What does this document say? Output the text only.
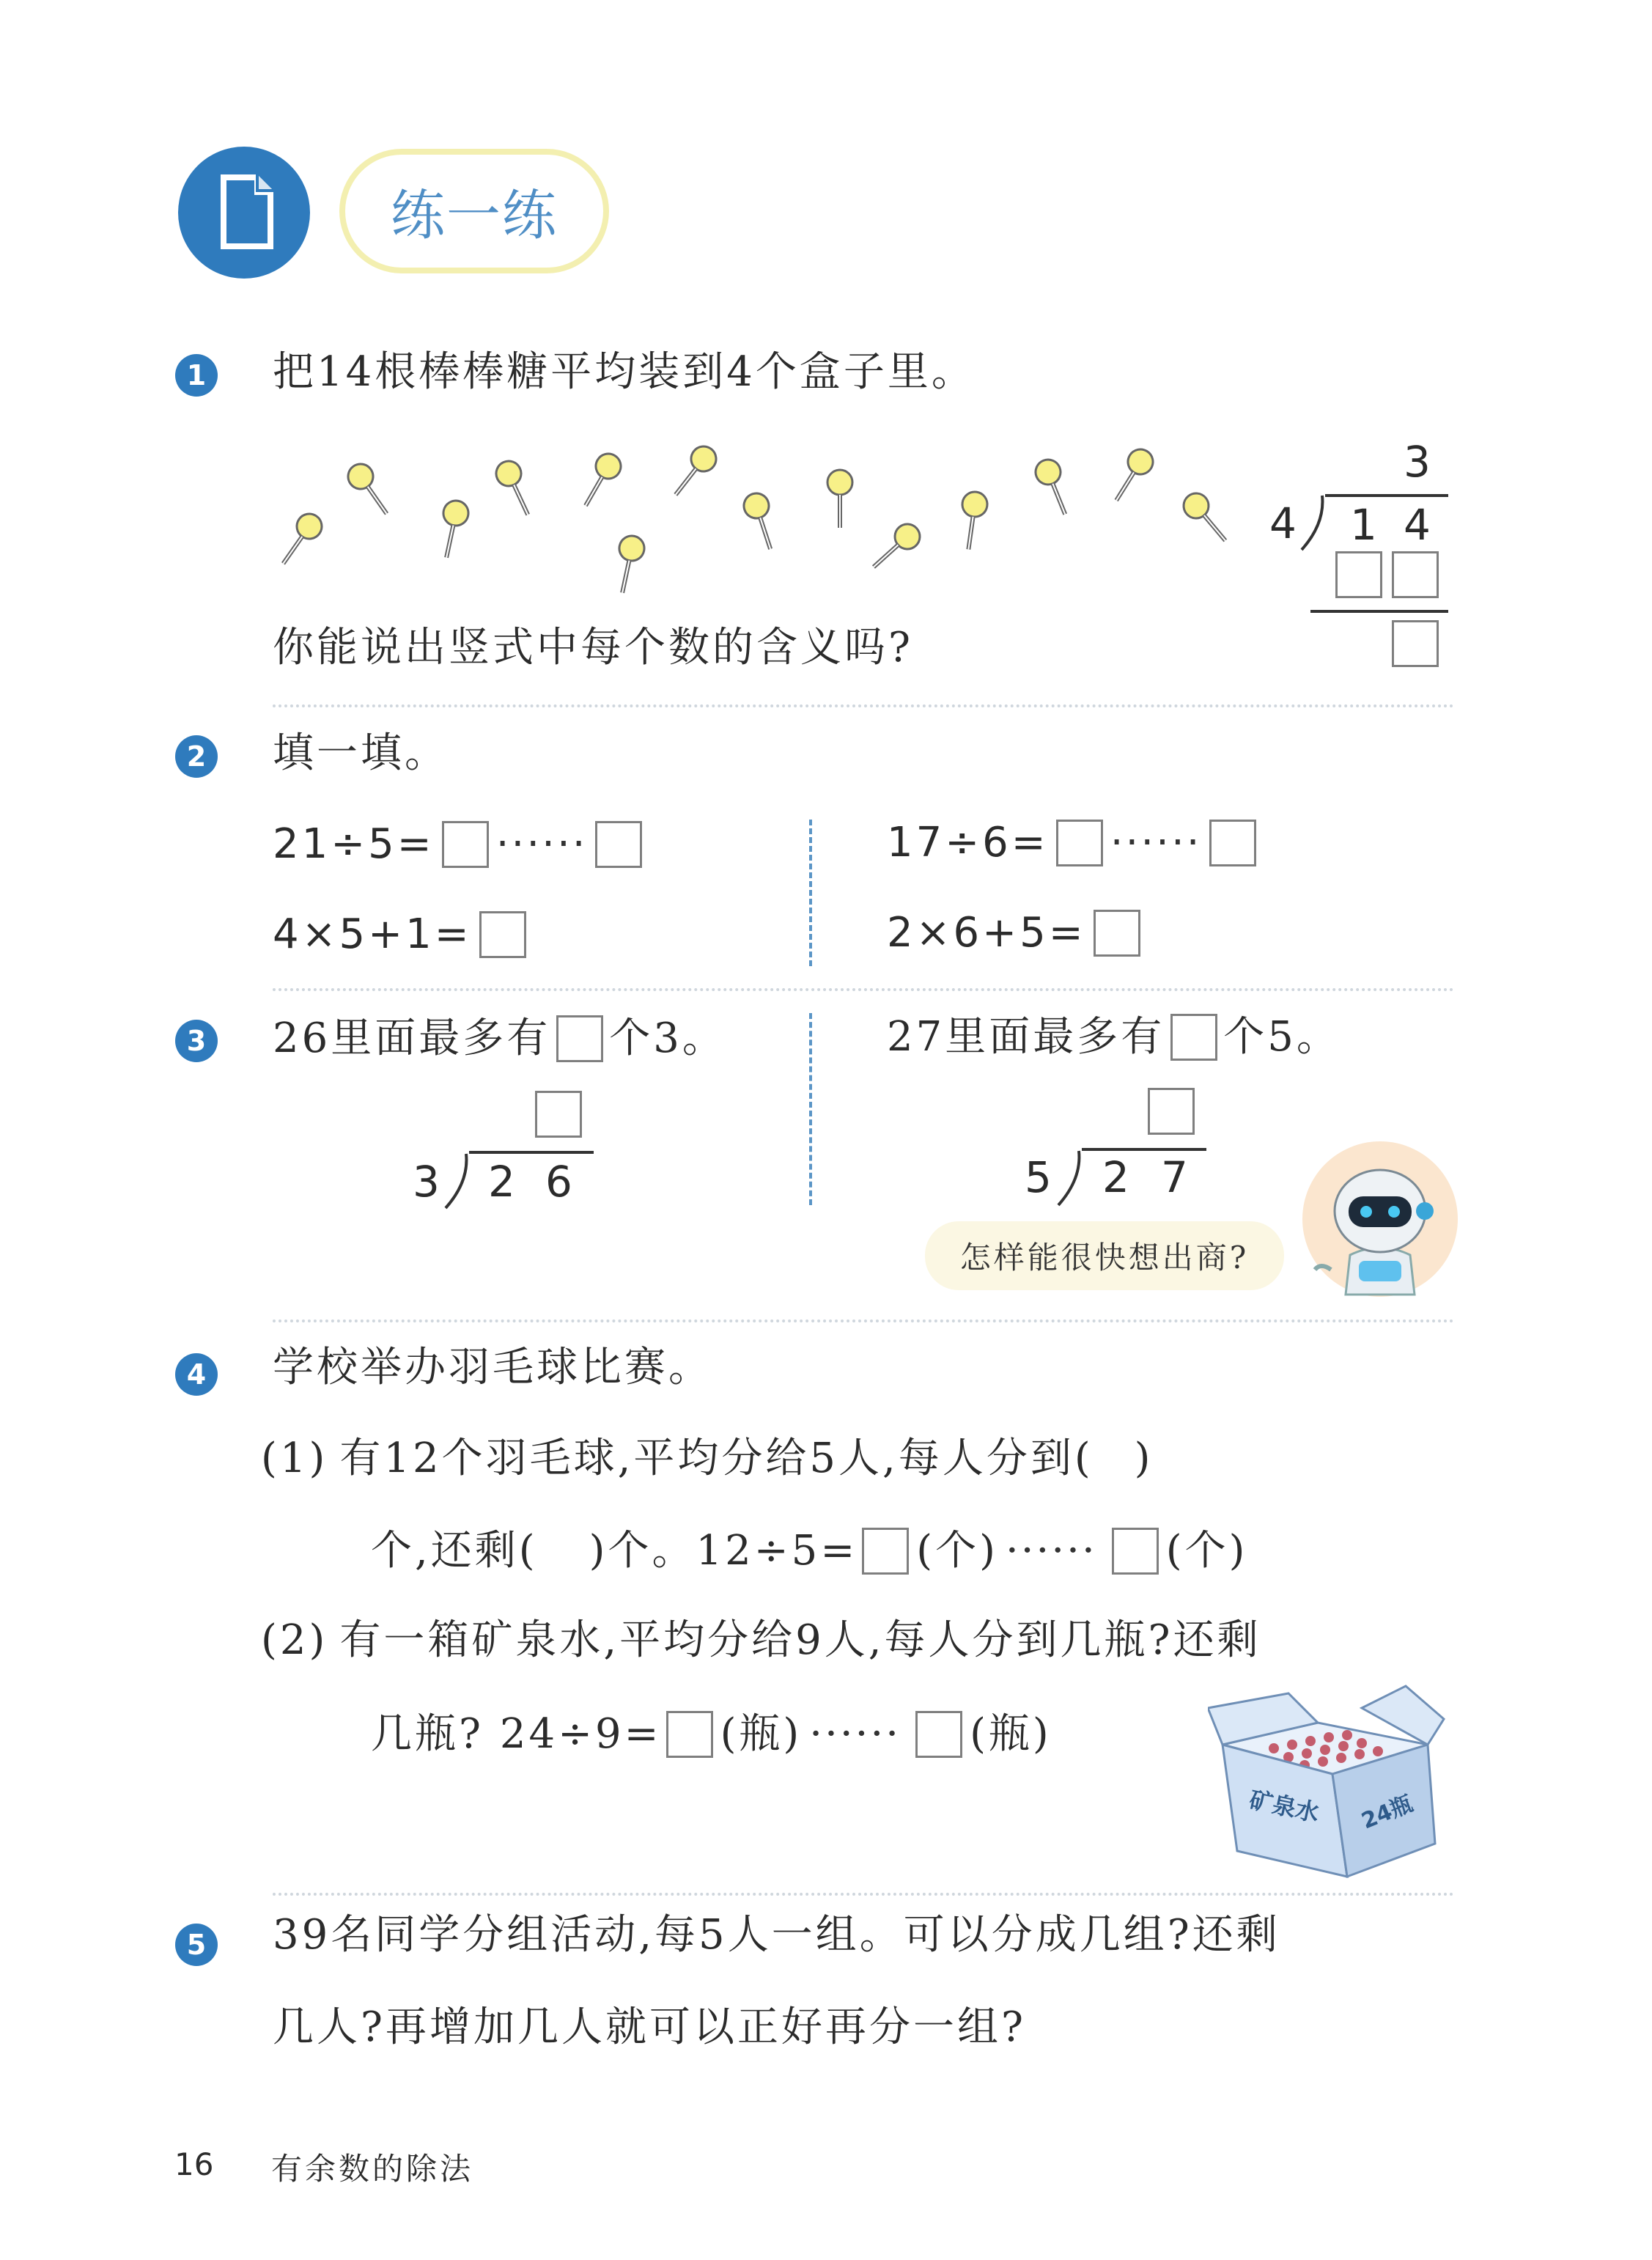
练一练
1 把14根棒棒糖平均装到4个盒子里。
3
4 1 4
你能说出竖式中每个数的含义吗?
2 填一填。
21÷5= ······
4×5+1=
17÷6= ······
2×6+5=
3 26里面最多有 个3。
3 2 6
27里面最多有 个5。
5 2 7
怎样能很快想出商?
4 学校举办羽毛球比赛。
(1) 有12个羽毛球,平均分给5人,每人分到( )
个,还剩( )个。12÷5= (个) ······ (个)
(2) 有一箱矿泉水,平均分给9人,每人分到几瓶?还剩
几瓶? 24÷9= (瓶) ······ (瓶)
矿泉水 24瓶
5 39名同学分组活动,每5人一组。可以分成几组?还剩
几人?再增加几人就可以正好再分一组?
16 有余数的除法
